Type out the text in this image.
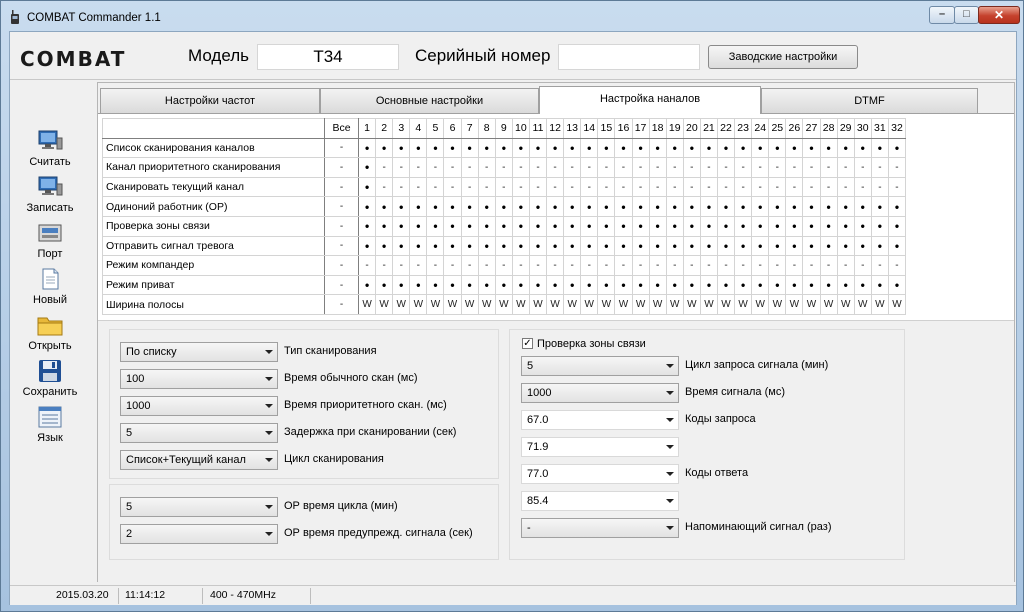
COMBAT Commander 1.1	–	□	✕
COMBAT	Модель	T34	Серийный номер	Заводские настройки
Считать
Записать
Порт
Новый
Открыть
Сохранить
Язык
Настройки частот	Основные настройки	Настройка наналов	DTMF
	Все	1	2	3	4	5	6	7	8	9	10	11	12	13	14	15	16	17	18	19	20	21	22	23	24	25	26	27	28	29	30	31	32
Список сканирования каналов	-	•	•	•	•	•	•	•	•	•	•	•	•	•	•	•	•	•	•	•	•	•	•	•	•	•	•	•	•	•	•	•	•
Канал приоритетного сканирования	-	•	-	-	-	-	-	-	-	-	-	-	-	-	-	-	-	-	-	-	-	-	-	-	-	-	-	-	-	-	-	-	-
Сканировать текущий канал	-	•	-	-	-	-	-	-	-	-	-	-	-	-	-	-	-	-	-	-	-	-	-	-	-	-	-	-	-	-	-	-	-
Одиноний работник (ОР)	-	•	•	•	•	•	•	•	•	•	•	•	•	•	•	•	•	•	•	•	•	•	•	•	•	•	•	•	•	•	•	•	•
Проверка зоны связи	-	•	•	•	•	•	•	•	•	•	•	•	•	•	•	•	•	•	•	•	•	•	•	•	•	•	•	•	•	•	•	•	•
Отправить сигнал тревога	-	•	•	•	•	•	•	•	•	•	•	•	•	•	•	•	•	•	•	•	•	•	•	•	•	•	•	•	•	•	•	•	•
Режим компандер	-	-	-	-	-	-	-	-	-	-	-	-	-	-	-	-	-	-	-	-	-	-	-	-	-	-	-	-	-	-	-	-	-
Режим приват	-	•	•	•	•	•	•	•	•	•	•	•	•	•	•	•	•	•	•	•	•	•	•	•	•	•	•	•	•	•	•	•	•
Ширина полосы	-	W	W	W	W	W	W	W	W	W	W	W	W	W	W	W	W	W	W	W	W	W	W	W	W	W	W	W	W	W	W	W	W
По списку	Тип сканирования
100	Время обычного скан (мс)
1000	Время приоритетного скан. (мс)
5	Задержка при сканировании (сек)
Список+Текущий канал	Цикл сканирования
5	ОР время цикла (мин)
2	ОР время предупрежд. сигнала (сек)
✓ Проверка зоны связи
5	Цикл запроса сигнала (мин)
1000	Время сигнала (мс)
67.0	Коды запроса
71.9
77.0	Коды ответа
85.4
-	Напоминающий сигнал (раз)
2015.03.20 11:14:12	400 - 470MHz
